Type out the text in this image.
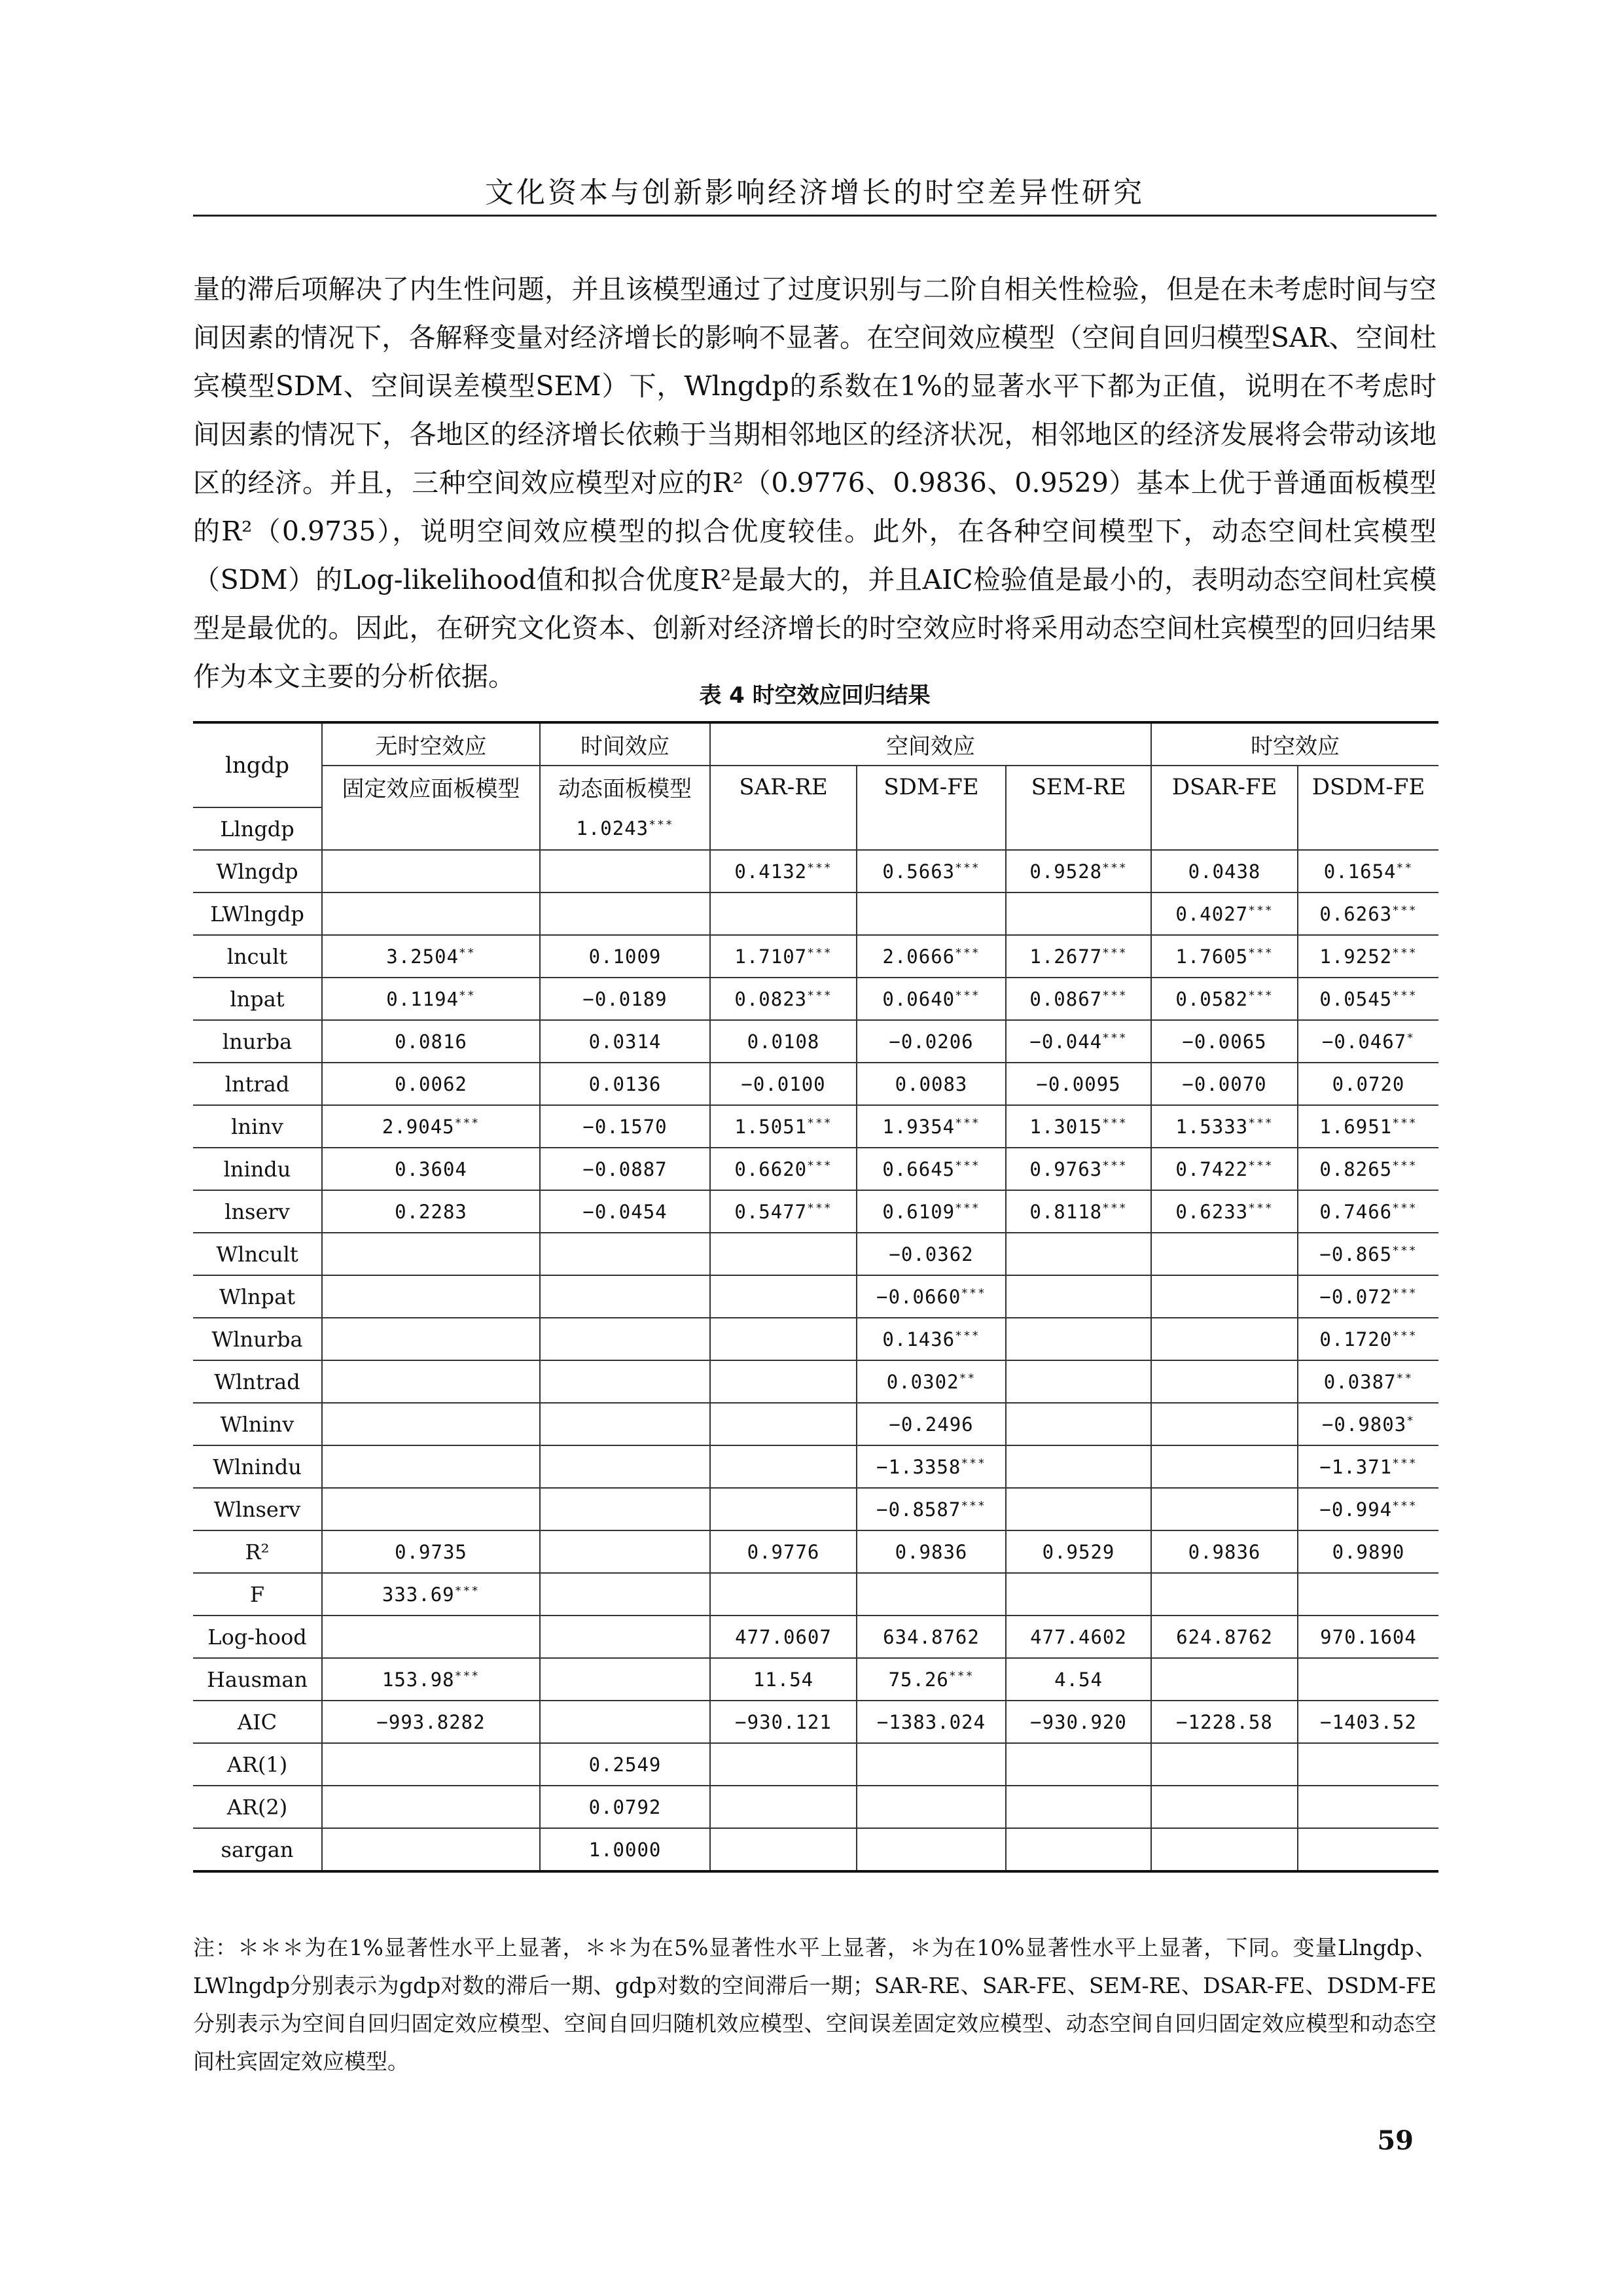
文化资本与创新影响经济增长的时空差异性研究

量的滞后项解决了内生性问题，并且该模型通过了过度识别与二阶自相关性检验，但是在未考虑时间与空间因素的情况下，各解释变量对经济增长的影响不显著。在空间效应模型（空间自回归模型SAR、空间杜宾模型SDM、空间误差模型SEM）下，Wlngdp的系数在1%的显著水平下都为正值，说明在不考虑时间因素的情况下，各地区的经济增长依赖于当期相邻地区的经济状况，相邻地区的经济发展将会带动该地区的经济。并且，三种空间效应模型对应的R²（0.9776、0.9836、0.9529）基本上优于普通面板模型的R²（0.9735），说明空间效应模型的拟合优度较佳。此外，在各种空间模型下，动态空间杜宾模型（SDM）的Log-likelihood值和拟合优度R²是最大的，并且AIC检验值是最小的，表明动态空间杜宾模型是最优的。因此，在研究文化资本、创新对经济增长的时空效应时将采用动态空间杜宾模型的回归结果作为本文主要的分析依据。

表 4 时空效应回归结果
lngdp	无时空效应	时间效应	空间效应			时空效应	
	固定效应面板模型	动态面板模型	SAR-RE	SDM-FE	SEM-RE	DSAR-FE	DSDM-FE
Llngdp		1.0243***					
Wlngdp			0.4132***	0.5663***	0.9528***	0.0438	0.1654**
LWlngdp						0.4027***	0.6263***
lncult	3.2504**	0.1009	1.7107***	2.0666***	1.2677***	1.7605***	1.9252***
lnpat	0.1194**	−0.0189	0.0823***	0.0640***	0.0867***	0.0582***	0.0545***
lnurba	0.0816	0.0314	0.0108	−0.0206	−0.044***	−0.0065	−0.0467*
lntrad	0.0062	0.0136	−0.0100	0.0083	−0.0095	−0.0070	0.0720
lninv	2.9045***	−0.1570	1.5051***	1.9354***	1.3015***	1.5333***	1.6951***
lnindu	0.3604	−0.0887	0.6620***	0.6645***	0.9763***	0.7422***	0.8265***
lnserv	0.2283	−0.0454	0.5477***	0.6109***	0.8118***	0.6233***	0.7466***
Wlncult				−0.0362			−0.865***
Wlnpat				−0.0660***			−0.072***
Wlnurba				0.1436***			0.1720***
Wlntrad				0.0302**			0.0387**
Wlninv				−0.2496			−0.9803*
Wlnindu				−1.3358***			−1.371***
Wlnserv				−0.8587***			−0.994***
R²	0.9735		0.9776	0.9836	0.9529	0.9836	0.9890
F	333.69***						
Log-hood			477.0607	634.8762	477.4602	624.8762	970.1604
Hausman	153.98***		11.54	75.26***	4.54		
AIC	−993.8282		−930.121	−1383.024	−930.920	−1228.58	−1403.52
AR(1)		0.2549					
AR(2)		0.0792					
sargan		1.0000					

注：＊＊＊为在1%显著性水平上显著，＊＊为在5%显著性水平上显著，＊为在10%显著性水平上显著，下同。变量Llngdp、LWlngdp分别表示为gdp对数的滞后一期、gdp对数的空间滞后一期；SAR-RE、SAR-FE、SEM-RE、DSAR-FE、DSDM-FE分别表示为空间自回归固定效应模型、空间自回归随机效应模型、空间误差固定效应模型、动态空间自回归固定效应模型和动态空间杜宾固定效应模型。

59
